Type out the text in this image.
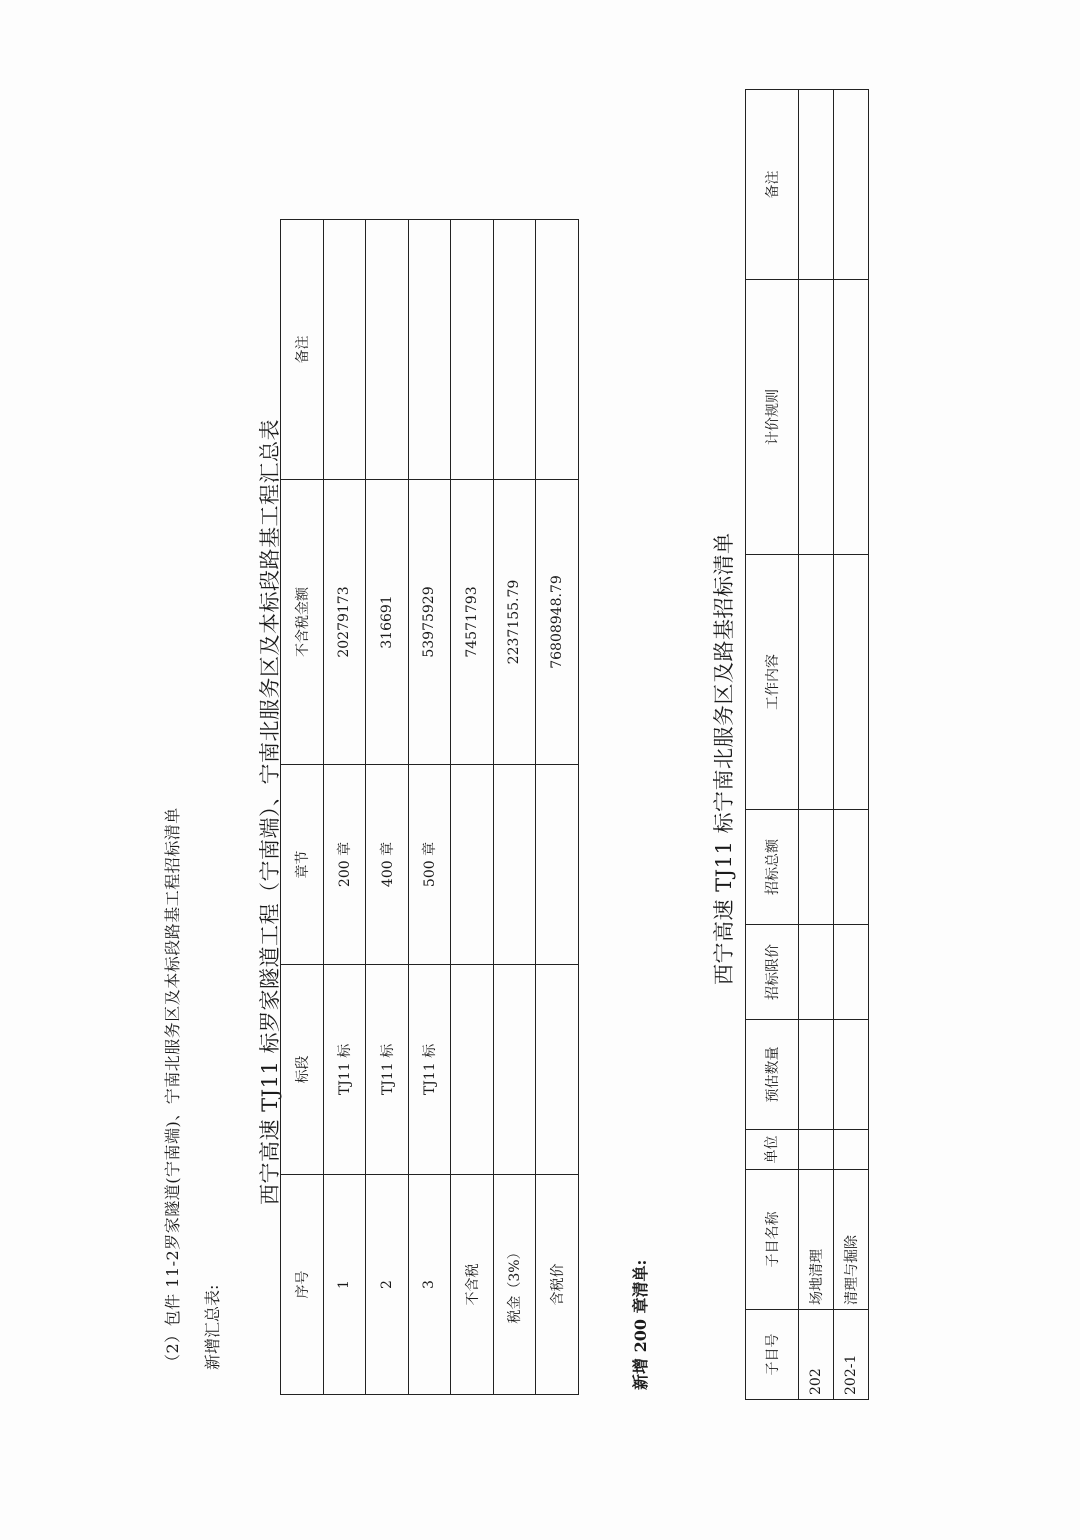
（2）包件 11-2罗家隧道(宁南端)、宁南北服务区及本标段路基工程招标清单 新增汇总表:
西宁高速 TJ11 标罗家隧道工程（宁南端）、宁南北服务区及本标段路基工程汇总表
序号	标段	章节	不含税金额	备注
1	TJ11 标	200 章	20279173	
2	TJ11 标	400 章	316691	
3	TJ11 标	500 章	53975929	
不含税			74571793	
税金（3%）			2237155.79	
含税价			76808948.79	
新增 200 章清单:
西宁高速 TJ11 标宁南北服务区及路基招标清单
子目号	子目名称	单位	预估数量	招标限价	招标总额	工作内容	计价规则	备注
202	场地清理							
202-1	清理与掘除							
